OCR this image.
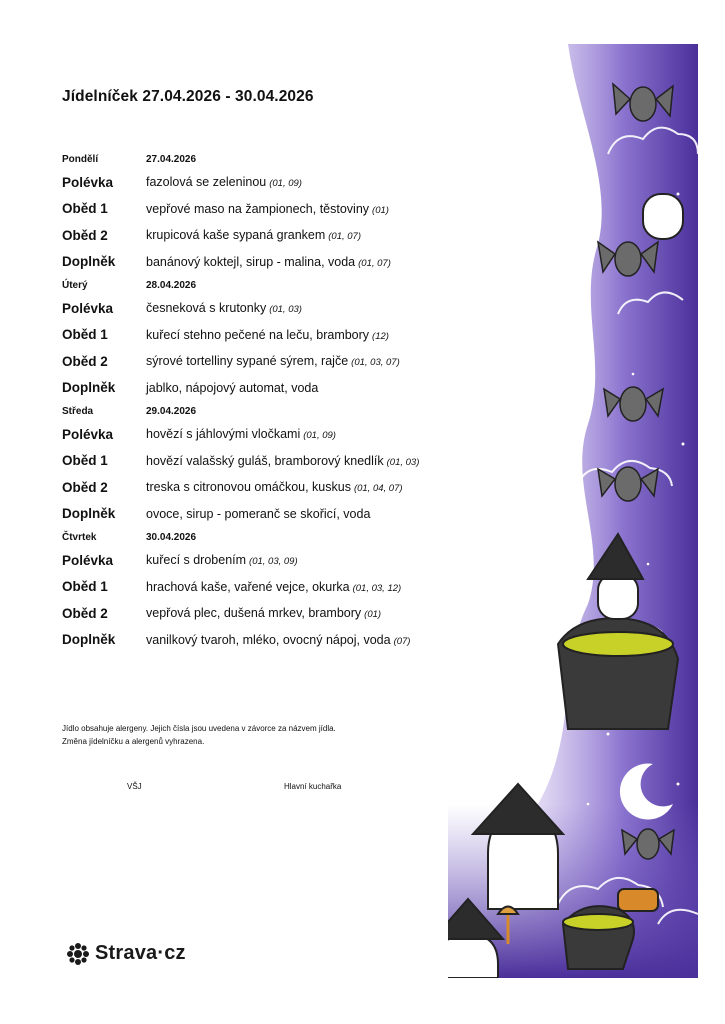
Jídelníček 27.04.2026 - 30.04.2026
Pondělí	27.04.2026
Polévka	fazolová se zeleninou (01, 09)
Oběd 1	vepřové maso na žampionech, těstoviny (01)
Oběd 2	krupicová kaše sypaná grankem (01, 07)
Doplněk	banánový koktejl, sirup - malina, voda (01, 07)
Úterý	28.04.2026
Polévka	česneková s krutonky (01, 03)
Oběd 1	kuřecí stehno pečené na leču, brambory (12)
Oběd 2	sýrové tortelliny sypané sýrem, rajče (01, 03, 07)
Doplněk	jablko, nápojový automat, voda
Středa	29.04.2026
Polévka	hovězí s jáhlovými vločkami (01, 09)
Oběd 1	hovězí valašský guláš, bramborový knedlík (01, 03)
Oběd 2	treska s citronovou omáčkou, kuskus (01, 04, 07)
Doplněk	ovoce, sirup - pomeranč se skořicí, voda
Čtvrtek	30.04.2026
Polévka	kuřecí s drobením (01, 03, 09)
Oběd 1	hrachová kaše, vařené vejce, okurka (01, 03, 12)
Oběd 2	vepřová plec, dušená mrkev, brambory (01)
Doplněk	vanilkový tvaroh, mléko, ovocný nápoj, voda (07)
Jídlo obsahuje alergeny. Jejich čísla jsou uvedena v závorce za názvem jídla.
Změna jídelníčku a alergenů vyhrazena.
VŠJ	Hlavní kuchařka
Strava·cz
